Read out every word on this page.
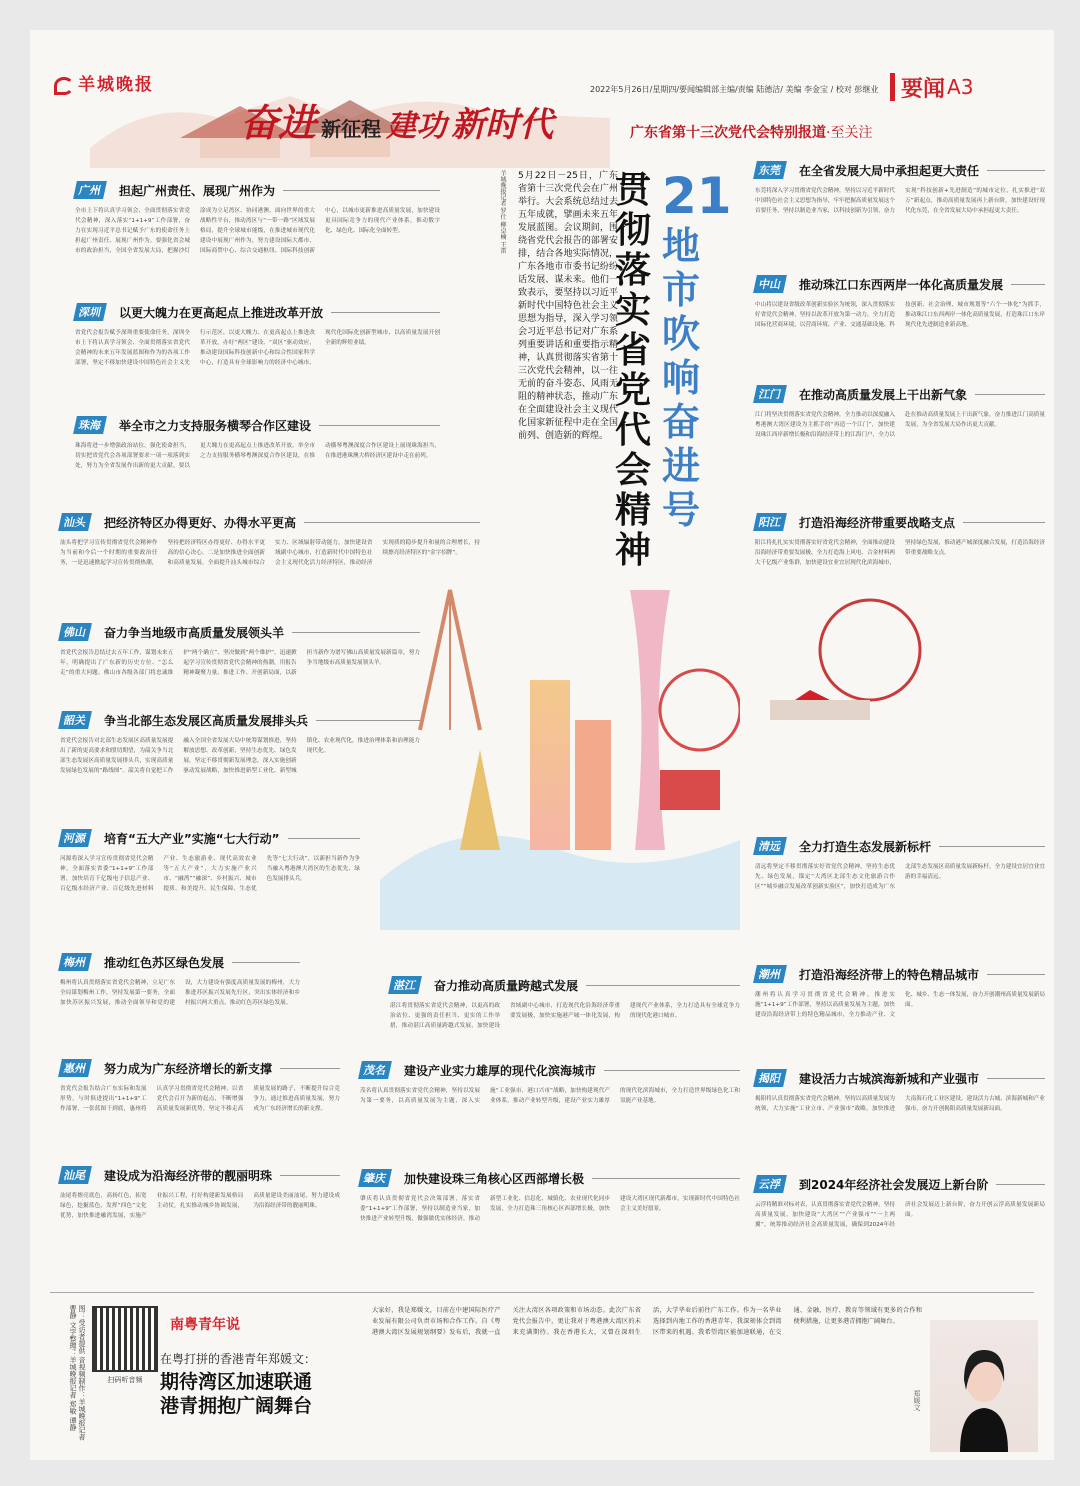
羊城晚报	2022年5月26日/星期四/要闻编辑部主编/责编 陆德洁/ 美编 李金宝 / 校对 彭继业 要闻 A3
奋进 新征程 建功 新时代	广东省第十三次党代会特别报道·至关注
羊城晚报记者 罗仕 柳卓楠 王雷 5月22日－25日，广东省第十三次党代会在广州举行。大会系统总结过去五年成就，擘画未来五年发展蓝图。会议期间，围绕省党代会报告的部署安排，结合各地实际情况，广东各地市市委书记纷纷话发展、谋未来。他们一致表示，要坚持以习近平新时代中国特色社会主义思想为指导，深入学习领会习近平总书记对广东系列重要讲话和重要指示精神，认真贯彻落实省第十三次党代会精神，以一往无前的奋斗姿态、风雨无阻的精神状态，推动广东在全面建设社会主义现代化国家新征程中走在全国前列、创造新的辉煌。
贯彻落实省党代会精神
21
地市吹响奋进号
广州	担起广州责任、展现广州作为
全市上下将认真学习领会、全面贯彻落实省党代会精神，深入落实“1+1+9”工作部署，奋力在实现习近平总书记赋予广东的使命任务上担起广州责任、展现广州作为。要强化省会城市的政治担当，全国全省发展大局，把握沙灯涂成为立足湾区、协同港澳、面向世界的重大战略性平台，推动湾区与“一带一路”区域发展格局，提升全球城市能级，在推进城市现代化建设中展现广州作为，努力建设国际大都市、国际商贸中心、综合交通枢纽、国际科技创新中心，以城市更新推进高质量发展，加快建设更具国际竞争力的现代产业体系，推动数字化、绿色化、国际化全面转型。
深圳	以更大魄力在更高起点上推进改革开放
省党代会报告赋予深圳重要使命任务，深圳全市上下将认真学习领会、全面贯彻落实省党代会精神的未来五年发展蓝图和作为的各项工作部署，坚定不移加快建设中国特色社会主义先行示范区，以更大魄力、在更高起点上推进改革开放，办好“两区”建设、“双区”驱动效应，推动建设国际科技创新中心和综合性国家科学中心，打造具有全球影响力的经济中心城市、现代化国际化创新型城市，以高质量发展开创全新的辉煌业绩。
珠海	举全市之力支持服务横琴合作区建设
珠海将进一步增强政治站位，强化使命担当，切实把省党代会各项部署要求一项一项落到实处，努力为全省发展作出新的更大贡献。要以更大魄力在更高起点上推进改革开放，举全市之力支持服务横琴粤澳深度合作区建设，在推动横琴粤澳深度合作区建设上展现珠海担当，在推进港珠澳大桥经济区建设中走在前列。
汕头	把经济特区办得更好、办得水平更高
汕头将把学习宣传贯彻省党代会精神作为当前和今后一个时期的重要政治任务，一是迅速掀起学习宣传贯彻热潮，坚持把经济特区办得更好、办得水平更高的信心决心，二是加快推进全面创新和高质量发展，全面提升汕头城市综合实力、区域辐射带动能力，加快建设省域副中心城市，打造新时代中国特色社会主义现代化活力经济特区，推动经济实现质的稳步提升和量的合理增长，持续擦亮经济特区的“金字招牌”。
佛山	奋力争当地级市高质量发展领头羊
省党代会报告总结过去五年工作，谋划未来五年，明确提出了广东新的历史方位、“怎么走”的重大问题。佛山市各级各部门将忠诚维护“两个确立”、坚决做到“两个维护”，迅速掀起学习宣传贯彻省党代会精神的热潮，用报告精神凝聚力量、推进工作、开创新局面，以新担当新作为谱写佛山高质量发展新篇章，努力争当地级市高质量发展领头羊。
韶关	争当北部生态发展区高质量发展排头兵
省党代会报告对北部生态发展区高质量发展提出了新的更高要求和殷切期望，为韶关争当北部生态发展区高质量发展排头兵，实现高质量发展绿色发展的“路线图”。韶关将自觉把工作融入全国全省发展大局中统筹谋划推进，坚持解放思想、改革创新，坚持生态优先、绿色发展，坚定不移贯彻新发展理念，深入实施创新驱动发展战略，加快推进新型工业化、新型城镇化、农业现代化，推进治理体系和治理能力现代化。
河源	培育“五大产业”实施“七大行动”
河源将深入学习宣传贯彻省党代会精神，全面落实省委“1+1+9”工作部署，加快培育千亿级电子信息产业、百亿级水经济产业、百亿级先进材料产业、生态旅游业、现代高效农业等“五大产业”，大力实施产业兴市、“融湾”“融深”、乡村振兴、城市提质、和美提升、民生保障、生态优先等“七大行动”，以新担当新作为争当融入粤港澳大湾区的生态优先、绿色发展排头兵。
梅州	推动红色苏区绿色发展
梅州将认真贯彻落实省党代会精神，立足广东全局谋划梅州工作，坚持发展第一要务，全面加快苏区振兴发展，推动全面领导和党的建设，大力建设有强度高质量发展的梅州，大力推进苏区振兴发展先行区，突出实体经济和乡村振兴两大重点，推动红色苏区绿色发展。
惠州	努力成为广东经济增长的新支撑
省党代会报告结合广东实际和发展形势，与时俱进提出“1+1+9”工作部署，一张蓝图干到底，惠州将认真学习贯彻省党代会精神，以省党代会召开为新的起点，不断增强高质量发展新优势，坚定不移走高质量发展的路子，不断提升综合竞争力，通过推进高质量发展，努力成为广东经济增长的新支撑。
汕尾	建设成为沿海经济带的靓丽明珠
汕尾将擦亮底色，高扬红色，拓宽绿色，挖掘蓝色，发挥“四色”文化优势，加快推进融湾发展，实施产业振兴工程，打好构建新发展格局主动仗，扎实推动城乡协调发展，高质量建设美丽汕尾，努力建设成为沿海经济带的靓丽明珠。
东莞	在全省发展大局中承担起更大责任
东莞将深入学习贯彻省党代会精神，坚持以习近平新时代中国特色社会主义思想为指导，牢牢把握高质量发展这个首要任务，坚持以制造业当家，以科技创新为引领，奋力实现“科技创新+先进制造”的城市定位，扎实推进“双万”新起点，推动高质量发展再上新台阶，加快建设好现代化东莞，在全省发展大局中承担起更大责任。
中山	推动珠江口东西两岸一体化高质量发展
中山将以建设省级改革创新实验区为统领，深入贯彻落实好省党代会精神，坚持以改革开放为第一动力，全力打造国际化营商环境，以营商环境、产业、交通基础设施、科技创新、社会治理、城市规划等“六个一体化”为抓手，推动珠江口东西两岸一体化高质量发展，打造珠江口东岸现代化先进制造业新高地。
江门	在推动高质量发展上干出新气象
江门将坚决贯彻落实省党代会精神，全力推动以深度融入粤港澳大湾区建设为主抓手的“再造一个江门”，加快建设珠江西岸新增长极和沿海经济带上的江海门户，全力以赴在推动高质量发展上干出新气象，奋力推进江门高质量发展，为全省发展大局作出更大贡献。
阳江	打造沿海经济带重要战略支点
阳江将扎扎实实贯彻落实好省党代会精神，全面推动建设沿海经济带重要发展极，全力打造海上风电、合金材料两大千亿级产业集群，加快建设宜业宜居现代化滨海城市，坚持绿色发展，推动港产城深度融合发展，打造沿海经济带重要战略支点。
清远	全力打造生态发展新标杆
清远将坚定不移贯彻落实好省党代会精神，坚持生态优先、绿色发展，锚定“大湾区北部生态文化旅游合作区”“城乡融合发展改革创新实验区”，加快打造成为广东北部生态发展区高质量发展新标杆，全力建设宜居宜业宜游的幸福清远。
潮州	打造沿海经济带上的特色精品城市
潮州将认真学习贯彻省党代会精神，推进实施“1+1+9”工作部署，坚持以高质量发展为主题，加快建设沿海经济带上的特色精品城市，全力推动产业、文化、城乡、生态一体发展，奋力开创潮州高质量发展新局面。
揭阳	建设活力古城滨海新城和产业强市
揭阳将认真贯彻落实省党代会精神，坚持以高质量发展为统领，大力实施“工业立市、产业强市”战略，加快推进大南海石化工业区建设，建设活力古城、滨海新城和产业强市，奋力开创揭阳高质量发展新局面。
云浮	到2024年经济社会发展迈上新台阶
云浮将精准对标对表，认真贯彻落实省党代会精神，坚持高质量发展，加快建设“大湾区”“产业强市”“一主两翼”，统筹推动经济社会高质量发展，确保到2024年经济社会发展迈上新台阶，奋力开创云浮高质量发展新局面。
湛江	奋力推动高质量跨越式发展
湛江将贯彻落实省党代会精神，以更高的政治站位、更强的责任担当、更实的工作举措，推动湛江高质量跨越式发展，加快建设省域副中心城市，打造现代化沿海经济带重要发展极，加快实施港产城一体化发展，构建现代产业体系，全力打造具有全球竞争力的现代化港口城市。
茂名	建设产业实力雄厚的现代化滨海城市
茂名将认真贯彻落实省党代会精神，坚持以发展为第一要务，以高质量发展为主题，深入实施“工业强市、港口兴市”战略，加快构建现代产业体系，推动产业转型升级，建设产业实力雄厚的现代化滨海城市，全力打造世界级绿色化工和氢能产业基地。
肇庆	加快建设珠三角核心区西部增长极
肇庆将认真贯彻省党代会决策部署，落实省委“1+1+9”工作部署，坚持以制造业当家，加快推进产业转型升级，做强做优实体经济，推动新型工业化、信息化、城镇化、农业现代化同步发展，全力打造珠三角核心区西部增长极，加快建设大湾区现代新都市，实现新时代中国特色社会主义美好愿景。
图：受访者提供 音视频制作：羊城晚报记者 曹静 文字整理：羊城晚报记者 郑敏 谭静	扫码听音频
南粤青年说
在粤打拼的香港青年郑媛文：
期待湾区加速联通
港青拥抱广阔舞台
大家好，我是郑媛文，目前在中建国际医疗产业发展有限公司负责市场和合作工作。自《粤港澳大湾区发展规划纲要》发布后，我就一直关注大湾区各项政策和市场动态。此次广东省党代会报告中，更让我对于粤港澳大湾区的未来充满期待。我在香港长大，又曾在深圳生活，大学毕业后前往广东工作。作为一名毕业选择到内地工作的香港青年，我深刻体会到湾区带来的机遇。我希望湾区能加速联通，在交通、金融、医疗、教育等领域有更多的合作和便利措施，让更多港青拥抱广阔舞台。
郑媛文
